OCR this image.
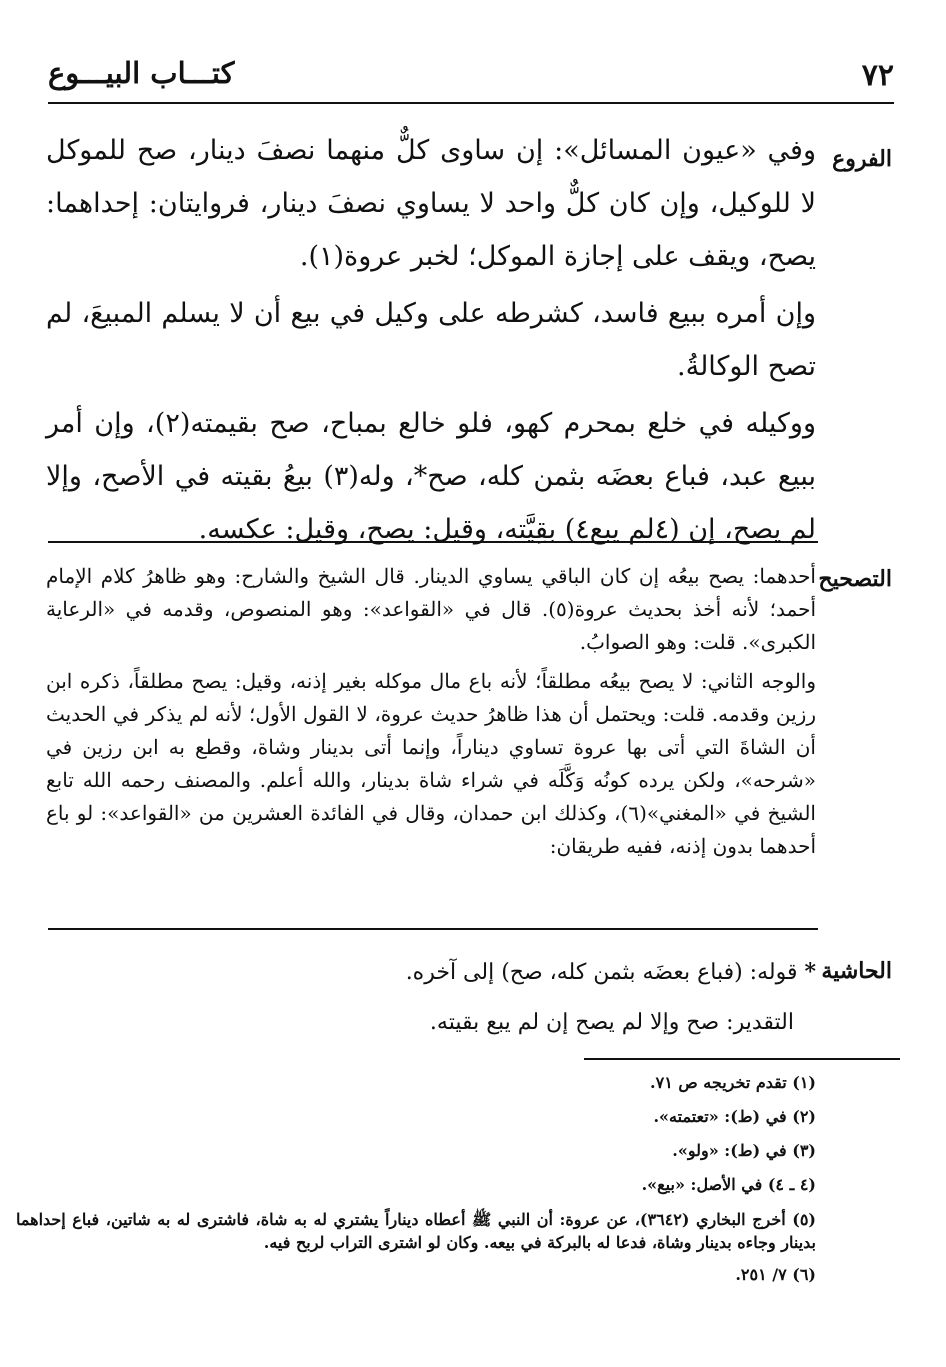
٧٢
كتـــاب البيـــوع
الفروع

وفي «عيون المسائل»: إن ساوى كلٌّ منهما نصفَ دينار، صح للموكل لا للوكيل، وإن كان كلٌّ واحد لا يساوي نصفَ دينار، فروايتان: إحداهما: يصح، ويقف على إجازة الموكل؛ لخبر عروة(١).

وإن أمره ببيع فاسد، كشرطه على وكيل في بيع أن لا يسلم المبيعَ، لم تصح الوكالةُ.

ووكيله في خلع بمحرم كهو، فلو خالع بمباح، صح بقيمته(٢)، وإن أمر ببيع عبد، فباع بعضَه بثمن كله، صح*، وله(٣) بيعُ بقيته في الأصح، وإلا لم يصح، إن (٤لم يبع٤) بقِيَّته، وقيل: يصح، وقيل: عكسه.

التصحيح

أحدهما: يصح بيعُه إن كان الباقي يساوي الدينار. قال الشيخ والشارح: وهو ظاهرُ كلام الإمام أحمد؛ لأنه أخذ بحديث عروة(٥). قال في «القواعد»: وهو المنصوص، وقدمه في «الرعاية الكبرى». قلت: وهو الصوابُ.

والوجه الثاني: لا يصح بيعُه مطلقاً؛ لأنه باع مال موكله بغير إذنه، وقيل: يصح مطلقاً، ذكره ابن رزين وقدمه. قلت: ويحتمل أن هذا ظاهرُ حديث عروة، لا القول الأول؛ لأنه لم يذكر في الحديث أن الشاةَ التي أتى بها عروة تساوي ديناراً، وإنما أتى بدينار وشاة، وقطع به ابن رزين في «شرحه»، ولكن يرده كونُه وَكَّلَه في شراء شاة بدينار، والله أعلم. والمصنف رحمه الله تابع الشيخ في «المغني»(٦)، وكذلك ابن حمدان، وقال في الفائدة العشرين من «القواعد»: لو باع أحدهما بدون إذنه، ففيه طريقان:

الحاشية

* قوله: (فباع بعضَه بثمن كله، صح) إلى آخره.

التقدير: صح وإلا لم يصح إن لم يبع بقيته.

(١) تقدم تخريجه ص ٧١.

(٢) في (ط): «تعتمته».

(٣) في (ط): «ولو».

(٤ ـ ٤) في الأصل: «بيع».

(٥) أخرج البخاري (٣٦٤٢)، عن عروة: أن النبي ﷺ أعطاه ديناراً يشتري له به شاة، فاشترى له به شاتين، فباع إحداهما بدينار وجاءه بدينار وشاة، فدعا له بالبركة في بيعه. وكان لو اشترى التراب لربح فيه.

(٦) ٧/ ٢٥١.
